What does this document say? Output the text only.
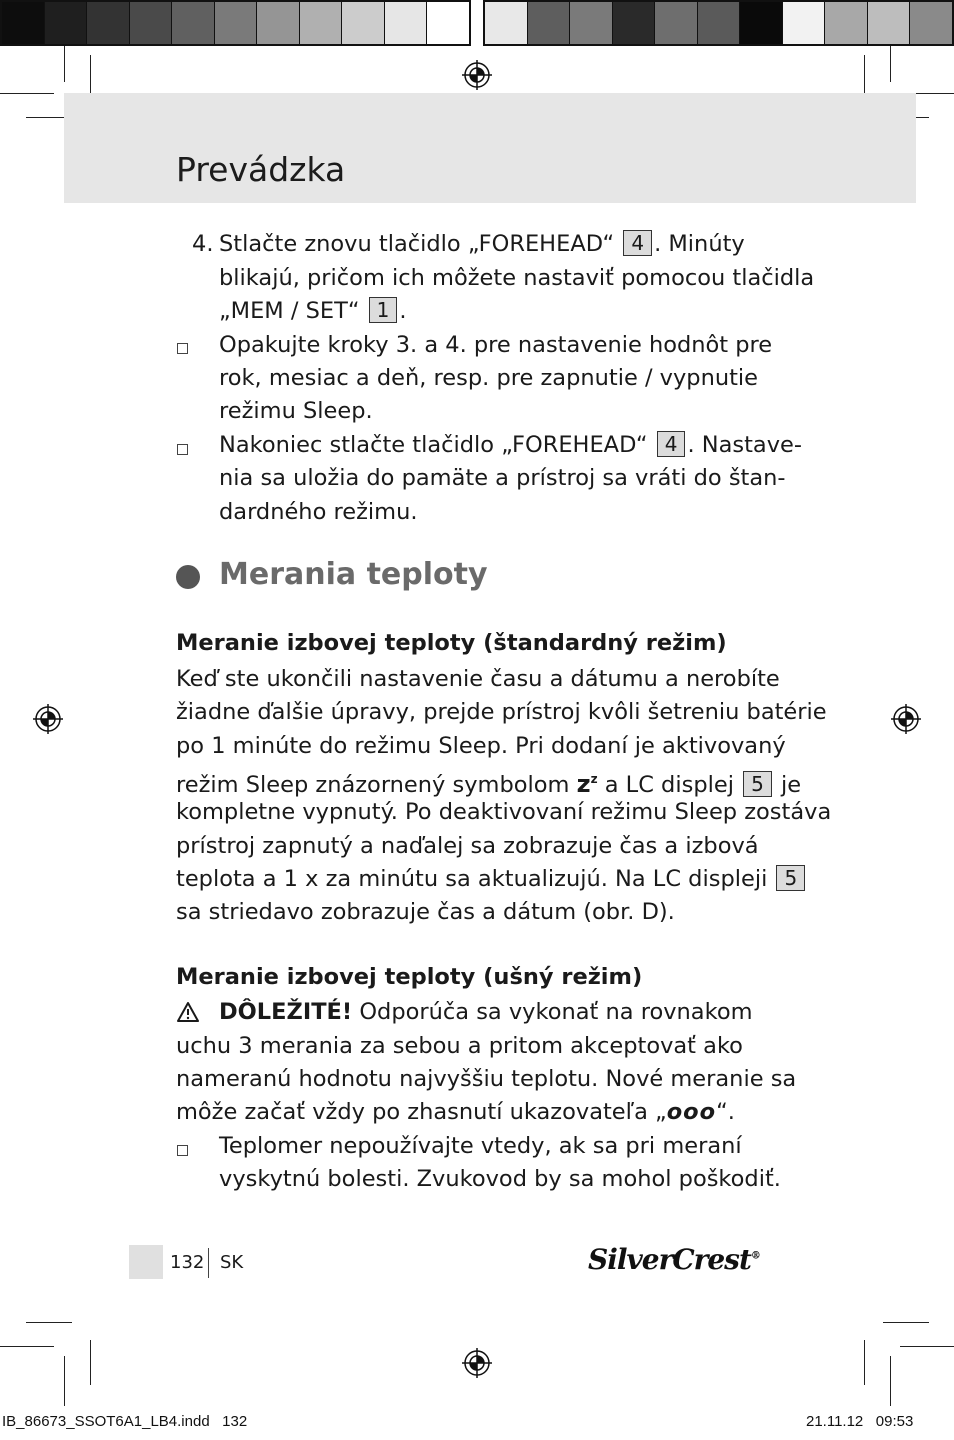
Prevádzka
4. Stlačte znovu tlačidlo „FOREHEAD“ 4 . Minúty
blikajú, pričom ich môžete nastaviť pomocou tlačidla
„MEM / SET“ 1 .
Opakujte kroky 3. a 4. pre nastavenie hodnôt pre
rok, mesiac a deň, resp. pre zapnutie / vypnutie
režimu Sleep.
Nakoniec stlačte tlačidlo „FOREHEAD“ 4 . Nastave-
nia sa uložia do pamäte a prístroj sa vráti do štan-
dardného režimu.
Merania teploty
Meranie izbovej teploty (štandardný režim)
Keď ste ukončili nastavenie času a dátumu a nerobíte
žiadne ďalšie úpravy, prejde prístroj kvôli šetreniu batérie
po 1 minúte do režimu Sleep. Pri dodaní je aktivovaný
režim Sleep znázornený symbolom $z^z$ a LC displej 5 je
kompletne vypnutý. Po deaktivovaní režimu Sleep zostáva
prístroj zapnutý a naďalej sa zobrazuje čas a izbová
teplota a 1 x za minútu sa aktualizujú. Na LC displeji 5
sa striedavo zobrazuje čas a dátum (obr. D).
Meranie izbovej teploty (ušný režim)
DÔLEŽITÉ! Odporúča sa vykonať na rovnakom
uchu 3 merania za sebou a pritom akceptovať ako
nameranú hodnotu najvyššiu teplotu. Nové meranie sa
môže začať vždy po zhasnutí ukazovateľa „ooo“.
Teplomer nepoužívajte vtedy, ak sa pri meraní
vyskytnú bolesti. Zvukovod by sa mohol poškodiť.
132 SK	SilverCrest®
IB_86673_SSOT6A1_LB4.indd   132	21.11.12   09:53
